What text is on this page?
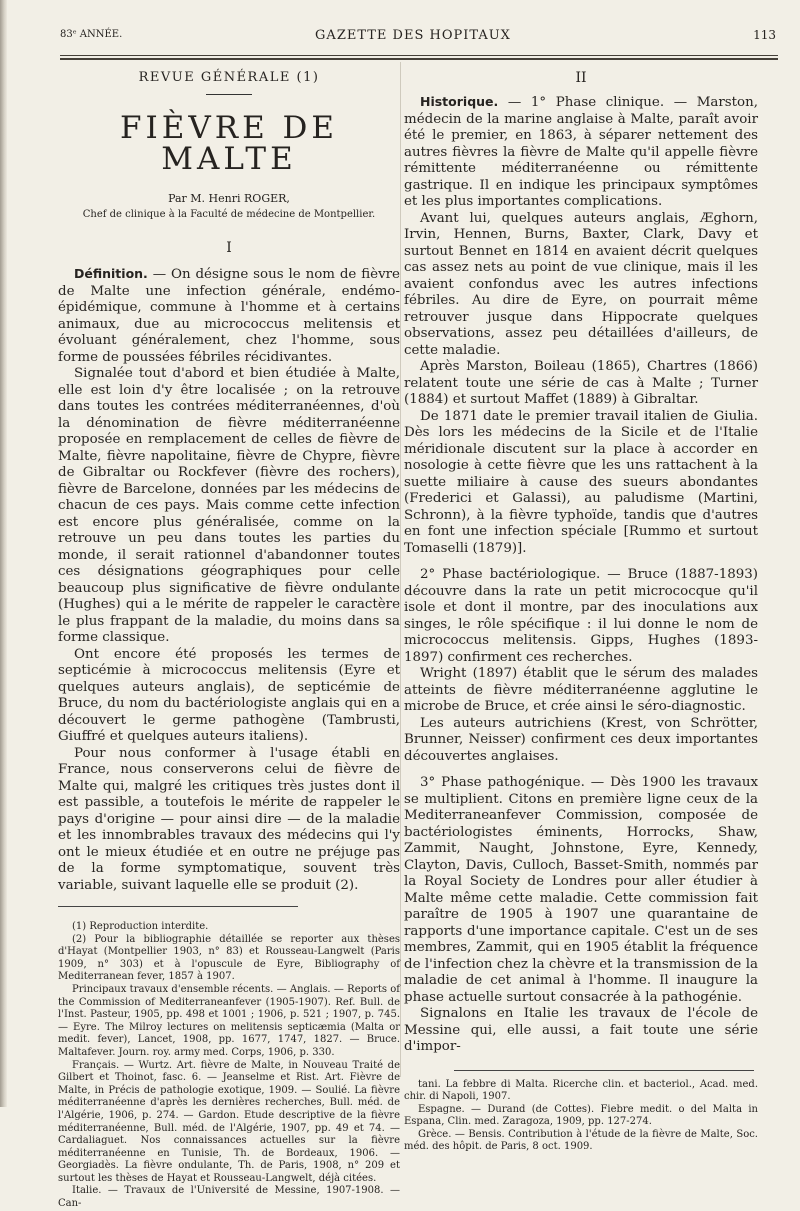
83ᵉ ANNÉE.	GAZETTE DES HOPITAUX	113
REVUE GÉNÉRALE (1)
FIÈVRE DE MALTE
Par M. Henri ROGER,
Chef de clinique à la Faculté de médecine de Montpellier.
I

Définition. — On désigne sous le nom de fièvre de Malte une infection générale, endémo-épidémique, commune à l'homme et à certains animaux, due au micrococcus melitensis et évoluant généralement, chez l'homme, sous forme de poussées fébriles récidivantes.

Signalée tout d'abord et bien étudiée à Malte, elle est loin d'y être localisée ; on la retrouve dans toutes les contrées méditerranéennes, d'où la dénomination de fièvre méditerranéenne proposée en remplacement de celles de fièvre de Malte, fièvre napolitaine, fièvre de Chypre, fièvre de Gibraltar ou Rockfever (fièvre des rochers), fièvre de Barcelone, données par les médecins de chacun de ces pays. Mais comme cette infection est encore plus généralisée, comme on la retrouve un peu dans toutes les parties du monde, il serait rationnel d'abandonner toutes ces désignations géographiques pour celle beaucoup plus significative de fièvre ondulante (Hughes) qui a le mérite de rappeler le caractère le plus frappant de la maladie, du moins dans sa forme classique.

Ont encore été proposés les termes de septicémie à micrococcus melitensis (Eyre et quelques auteurs anglais), de septicémie de Bruce, du nom du bactériologiste anglais qui en a découvert le germe pathogène (Tambrusti, Giuffré et quelques auteurs italiens).

Pour nous conformer à l'usage établi en France, nous conserverons celui de fièvre de Malte qui, malgré les critiques très justes dont il est passible, a toutefois le mérite de rappeler le pays d'origine — pour ainsi dire — de la maladie et les innombrables travaux des médecins qui l'y ont le mieux étudiée et en outre ne préjuge pas de la forme symptomatique, souvent très variable, suivant laquelle elle se produit (2).

(1) Reproduction interdite.

(2) Pour la bibliographie détaillée se reporter aux thèses d'Hayat (Montpellier 1903, n° 83) et Rousseau-Langwelt (Paris 1909, n° 303) et à l'opuscule de Eyre, Bibliography of Mediterranean fever, 1857 à 1907.

Principaux travaux d'ensemble récents. — Anglais. — Reports of the Commission of Mediterraneanfever (1905-1907). Ref. Bull. de l'Inst. Pasteur, 1905, pp. 498 et 1001 ; 1906, p. 521 ; 1907, p. 745. — Eyre. The Milroy lectures on melitensis septicæmia (Malta or medit. fever), Lancet, 1908, pp. 1677, 1747, 1827. — Bruce. Maltafever. Journ. roy. army med. Corps, 1906, p. 330.

Français. — Wurtz. Art. fièvre de Malte, in Nouveau Traité de Gilbert et Thoinot, fasc. 6. — Jeanselme et Rist. Art. Fièvre de Malte, in Précis de pathologie exotique, 1909. — Soulié. La fièvre méditerranéenne d'après les dernières recherches, Bull. méd. de l'Algérie, 1906, p. 274. — Gardon. Etude descriptive de la fièvre méditerranéenne, Bull. méd. de l'Algérie, 1907, pp. 49 et 74. — Cardaliaguet. Nos connaissances actuelles sur la fièvre méditerranéenne en Tunisie, Th. de Bordeaux, 1906. — Georgiadès. La fièvre ondulante, Th. de Paris, 1908, n° 209 et surtout les thèses de Hayat et Rousseau-Langwelt, déjà citées.

Italie. — Travaux de l'Université de Messine, 1907-1908. — Can-

II

Historique. — 1° Phase clinique. — Marston, médecin de la marine anglaise à Malte, paraît avoir été le premier, en 1863, à séparer nettement des autres fièvres la fièvre de Malte qu'il appelle fièvre rémittente méditerranéenne ou rémittente gastrique. Il en indique les principaux symptômes et les plus importantes complications.

Avant lui, quelques auteurs anglais, Æghorn, Irvin, Hennen, Burns, Baxter, Clark, Davy et surtout Bennet en 1814 en avaient décrit quelques cas assez nets au point de vue clinique, mais il les avaient confondus avec les autres infections fébriles. Au dire de Eyre, on pourrait même retrouver jusque dans Hippocrate quelques observations, assez peu détaillées d'ailleurs, de cette maladie.

Après Marston, Boileau (1865), Chartres (1866) relatent toute une série de cas à Malte ; Turner (1884) et surtout Maffet (1889) à Gibraltar.

De 1871 date le premier travail italien de Giulia. Dès lors les médecins de la Sicile et de l'Italie méridionale discutent sur la place à accorder en nosologie à cette fièvre que les uns rattachent à la suette miliaire à cause des sueurs abondantes (Frederici et Galassi), au paludisme (Martini, Schronn), à la fièvre typhoïde, tandis que d'autres en font une infection spéciale [Rummo et surtout Tomaselli (1879)].

2° Phase bactériologique. — Bruce (1887-1893) découvre dans la rate un petit micrococque qu'il isole et dont il montre, par des inoculations aux singes, le rôle spécifique : il lui donne le nom de micrococcus melitensis. Gipps, Hughes (1893-1897) confirment ces recherches.

Wright (1897) établit que le sérum des malades atteints de fièvre méditerranéenne agglutine le microbe de Bruce, et crée ainsi le séro-diagnostic.

Les auteurs autrichiens (Krest, von Schrötter, Brunner, Neisser) confirment ces deux importantes découvertes anglaises.

3° Phase pathogénique. — Dès 1900 les travaux se multiplient. Citons en première ligne ceux de la Mediterraneanfever Commission, composée de bactériologistes éminents, Horrocks, Shaw, Zammit, Naught, Johnstone, Eyre, Kennedy, Clayton, Davis, Culloch, Basset-Smith, nommés par la Royal Society de Londres pour aller étudier à Malte même cette maladie. Cette commission fait paraître de 1905 à 1907 une quarantaine de rapports d'une importance capitale. C'est un de ses membres, Zammit, qui en 1905 établit la fréquence de l'infection chez la chèvre et la transmission de la maladie de cet animal à l'homme. Il inaugure la phase actuelle surtout consacrée à la pathogénie.

Signalons en Italie les travaux de l'école de Messine qui, elle aussi, a fait toute une série d'impor-

tani. La febbre di Malta. Ricerche clin. et bacteriol., Acad. med. chir. di Napoli, 1907.

Espagne. — Durand (de Cottes). Fiebre medit. o del Malta in Espana, Clin. med. Zaragoza, 1909, pp. 127-274.

Grèce. — Bensis. Contribution à l'étude de la fièvre de Malte, Soc. méd. des hôpit. de Paris, 8 oct. 1909.
